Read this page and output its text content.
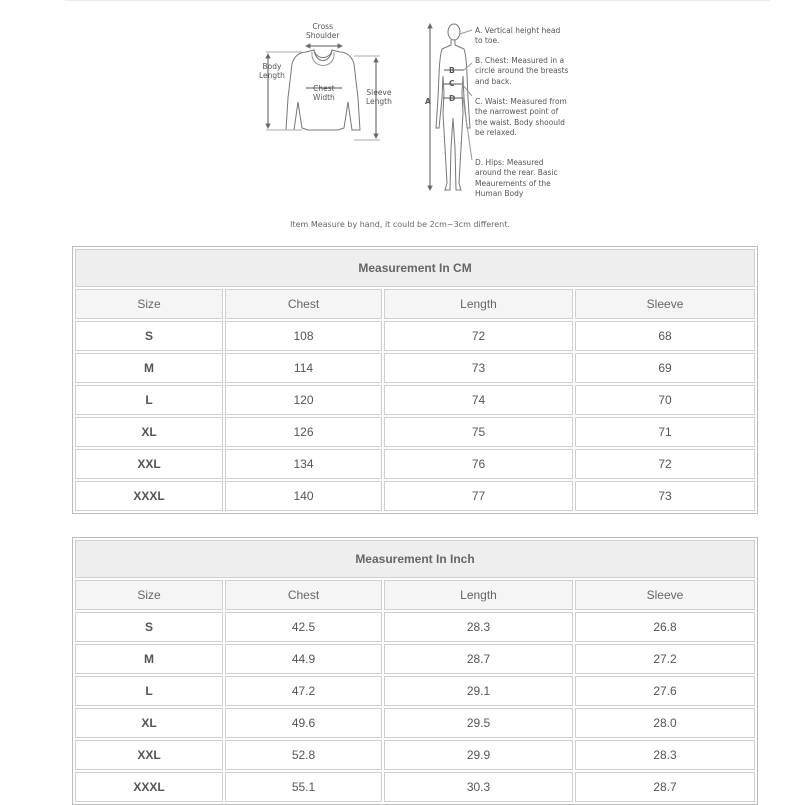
Cross
Shoulder
Body
Length
Chest
Width
Sleeve
Length	A
B
C
D
A. Vertical height head to toe.
B. Chest: Measured in a circle around the breasts and back.
C. Waist: Measured from the narrowest point of the waist. Body shoould be relaxed.
D. Hips: Measured around the rear. Basic Meaurements of the Human Body
Item Measure by hand, it could be 2cm~3cm different.
Measurement In CM			
Size	Chest	Length	Sleeve
S	108	72	68
M	114	73	69
L	120	74	70
XL	126	75	71
XXL	134	76	72
XXXL	140	77	73
Measurement In Inch			
Size	Chest	Length	Sleeve
S	42.5	28.3	26.8
M	44.9	28.7	27.2
L	47.2	29.1	27.6
XL	49.6	29.5	28.0
XXL	52.8	29.9	28.3
XXXL	55.1	30.3	28.7
